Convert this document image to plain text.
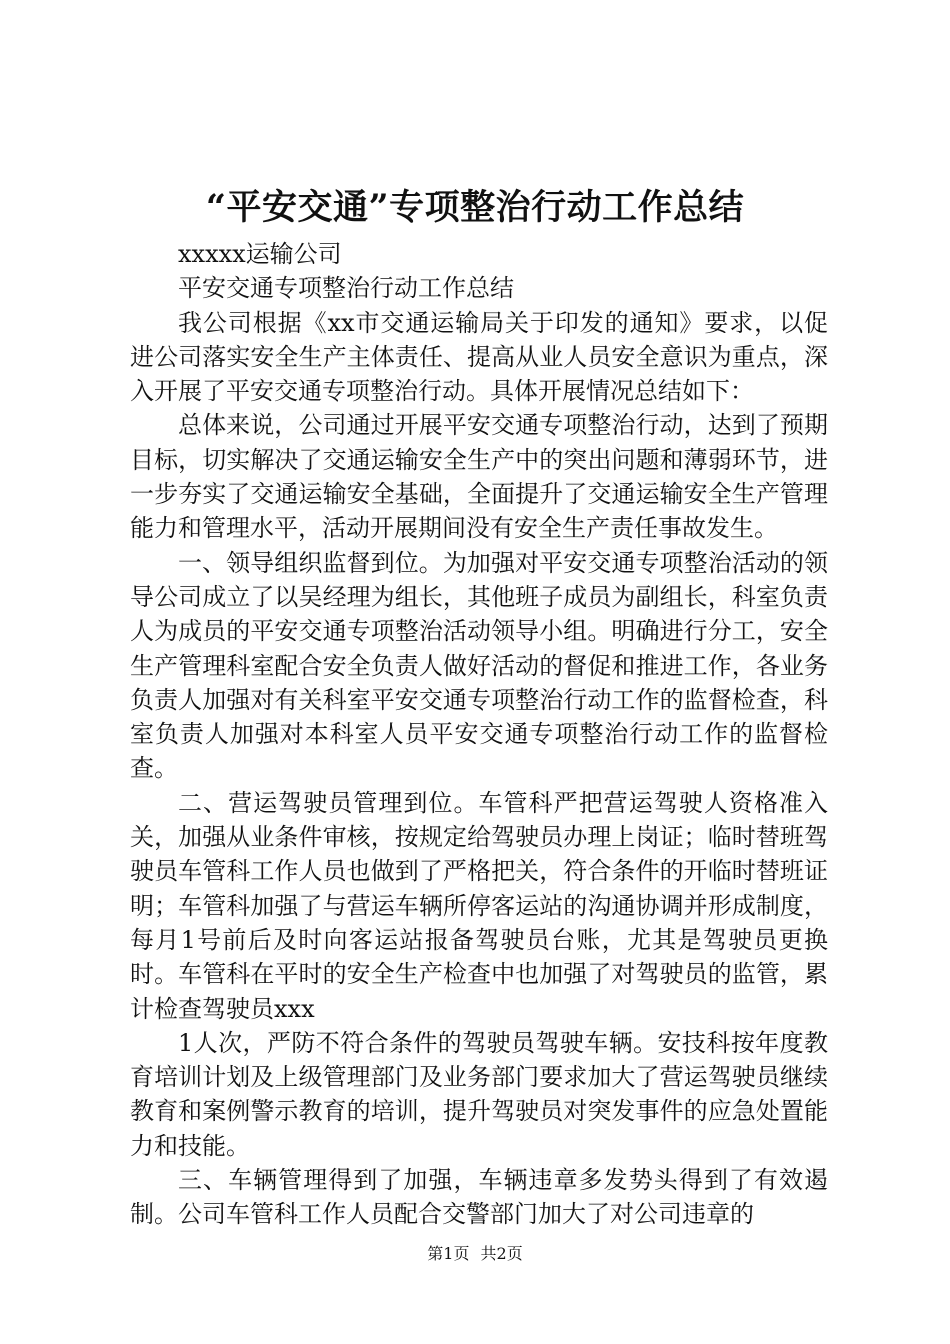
“平安交通”专项整治行动工作总结

xxxxx运输公司

平安交通专项整治行动工作总结

我公司根据《xx市交通运输局关于印发的通知》要求，以促进公司落实安全生产主体责任、提高从业人员安全意识为重点，深入开展了平安交通专项整治行动。具体开展情况总结如下：

总体来说，公司通过开展平安交通专项整治行动，达到了预期目标，切实解决了交通运输安全生产中的突出问题和薄弱环节，进一步夯实了交通运输安全基础，全面提升了交通运输安全生产管理能力和管理水平，活动开展期间没有安全生产责任事故发生。

一、领导组织监督到位。为加强对平安交通专项整治活动的领导公司成立了以吴经理为组长，其他班子成员为副组长，科室负责人为成员的平安交通专项整治活动领导小组。明确进行分工，安全生产管理科室配合安全负责人做好活动的督促和推进工作，各业务负责人加强对有关科室平安交通专项整治行动工作的监督检查，科室负责人加强对本科室人员平安交通专项整治行动工作的监督检查。

二、营运驾驶员管理到位。车管科严把营运驾驶人资格准入关，加强从业条件审核，按规定给驾驶员办理上岗证；临时替班驾驶员车管科工作人员也做到了严格把关，符合条件的开临时替班证明；车管科加强了与营运车辆所停客运站的沟通协调并形成制度，每月1号前后及时向客运站报备驾驶员台账，尤其是驾驶员更换时。车管科在平时的安全生产检查中也加强了对驾驶员的监管，累计检查驾驶员xxx

1人次，严防不符合条件的驾驶员驾驶车辆。安技科按年度教育培训计划及上级管理部门及业务部门要求加大了营运驾驶员继续教育和案例警示教育的培训，提升驾驶员对突发事件的应急处置能力和技能。

三、车辆管理得到了加强，车辆违章多发势头得到了有效遏制。公司车管科工作人员配合交警部门加大了对公司违章的

第1页 共2页
